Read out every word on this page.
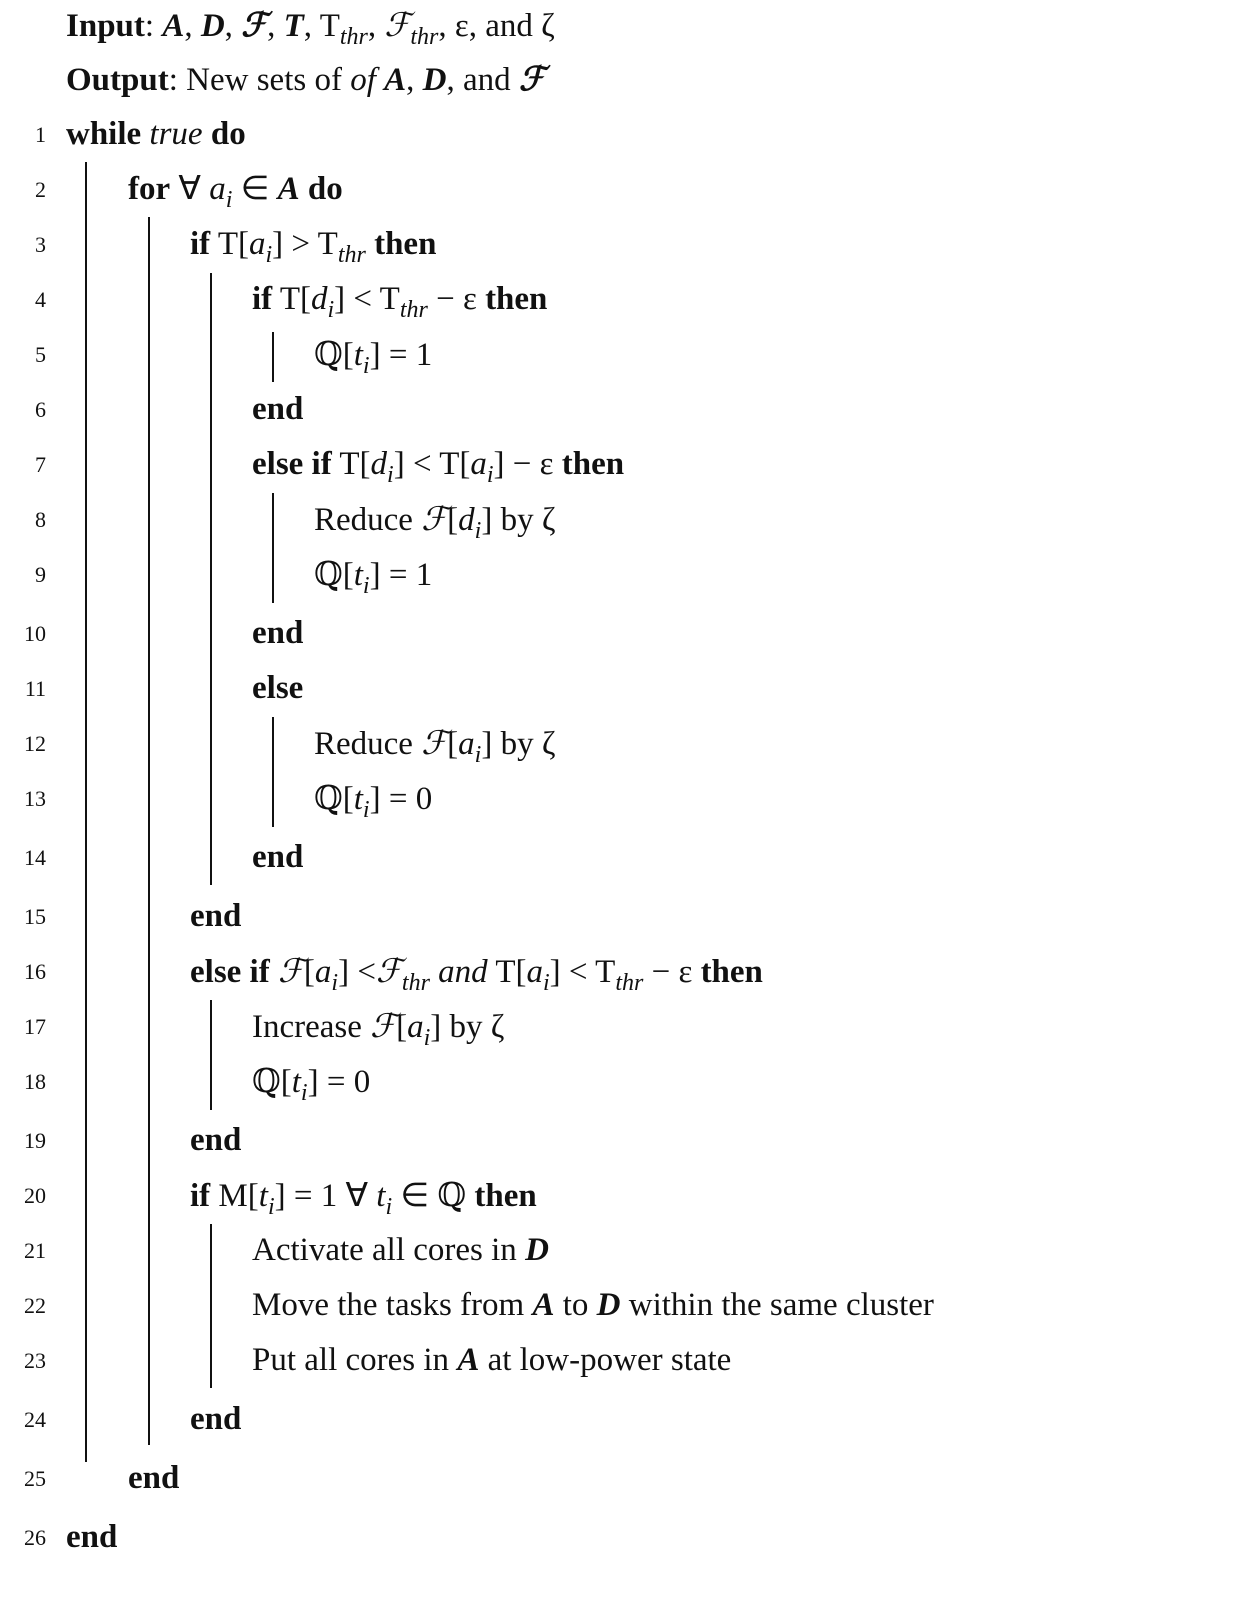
Input: A, D, ℱ, T, $T_{thr}$, ℱ$_{thr}$, ε, and ζ
Output: New sets of of A, D, and ℱ
1 while true do
2 for ∀ $a_i$ ∈ A do
3	if $T[a_i] > T_{thr}$ then
4	if $T[d_i] < T_{thr} - \varepsilon$ then
5	$ℚ[t_i] = 1$
6	end
7	else if $T[d_i] < T[a_i] - \varepsilon$ then
8	Reduce $ℱ[d_i]$ by ζ
9	$ℚ[t_i] = 1$
10	end
11	else
12	Reduce $ℱ[a_i]$ by ζ
13	$ℚ[t_i] = 0$
14	end
15	end
16	else if $ℱ[a_i]$ <ℱ$_{thr}$ and $T[a_i] < T_{thr} - \varepsilon$ then
17	Increase $ℱ[a_i]$ by ζ
18	$ℚ[t_i] = 0$
19	end
20	if $M[t_i] = 1$ ∀ $t_i$ ∈ ℚ then
21	Activate all cores in D
22	Move the tasks from A to D within the same cluster
23	Put all cores in A at low-power state
24	end
25 end
26 end
